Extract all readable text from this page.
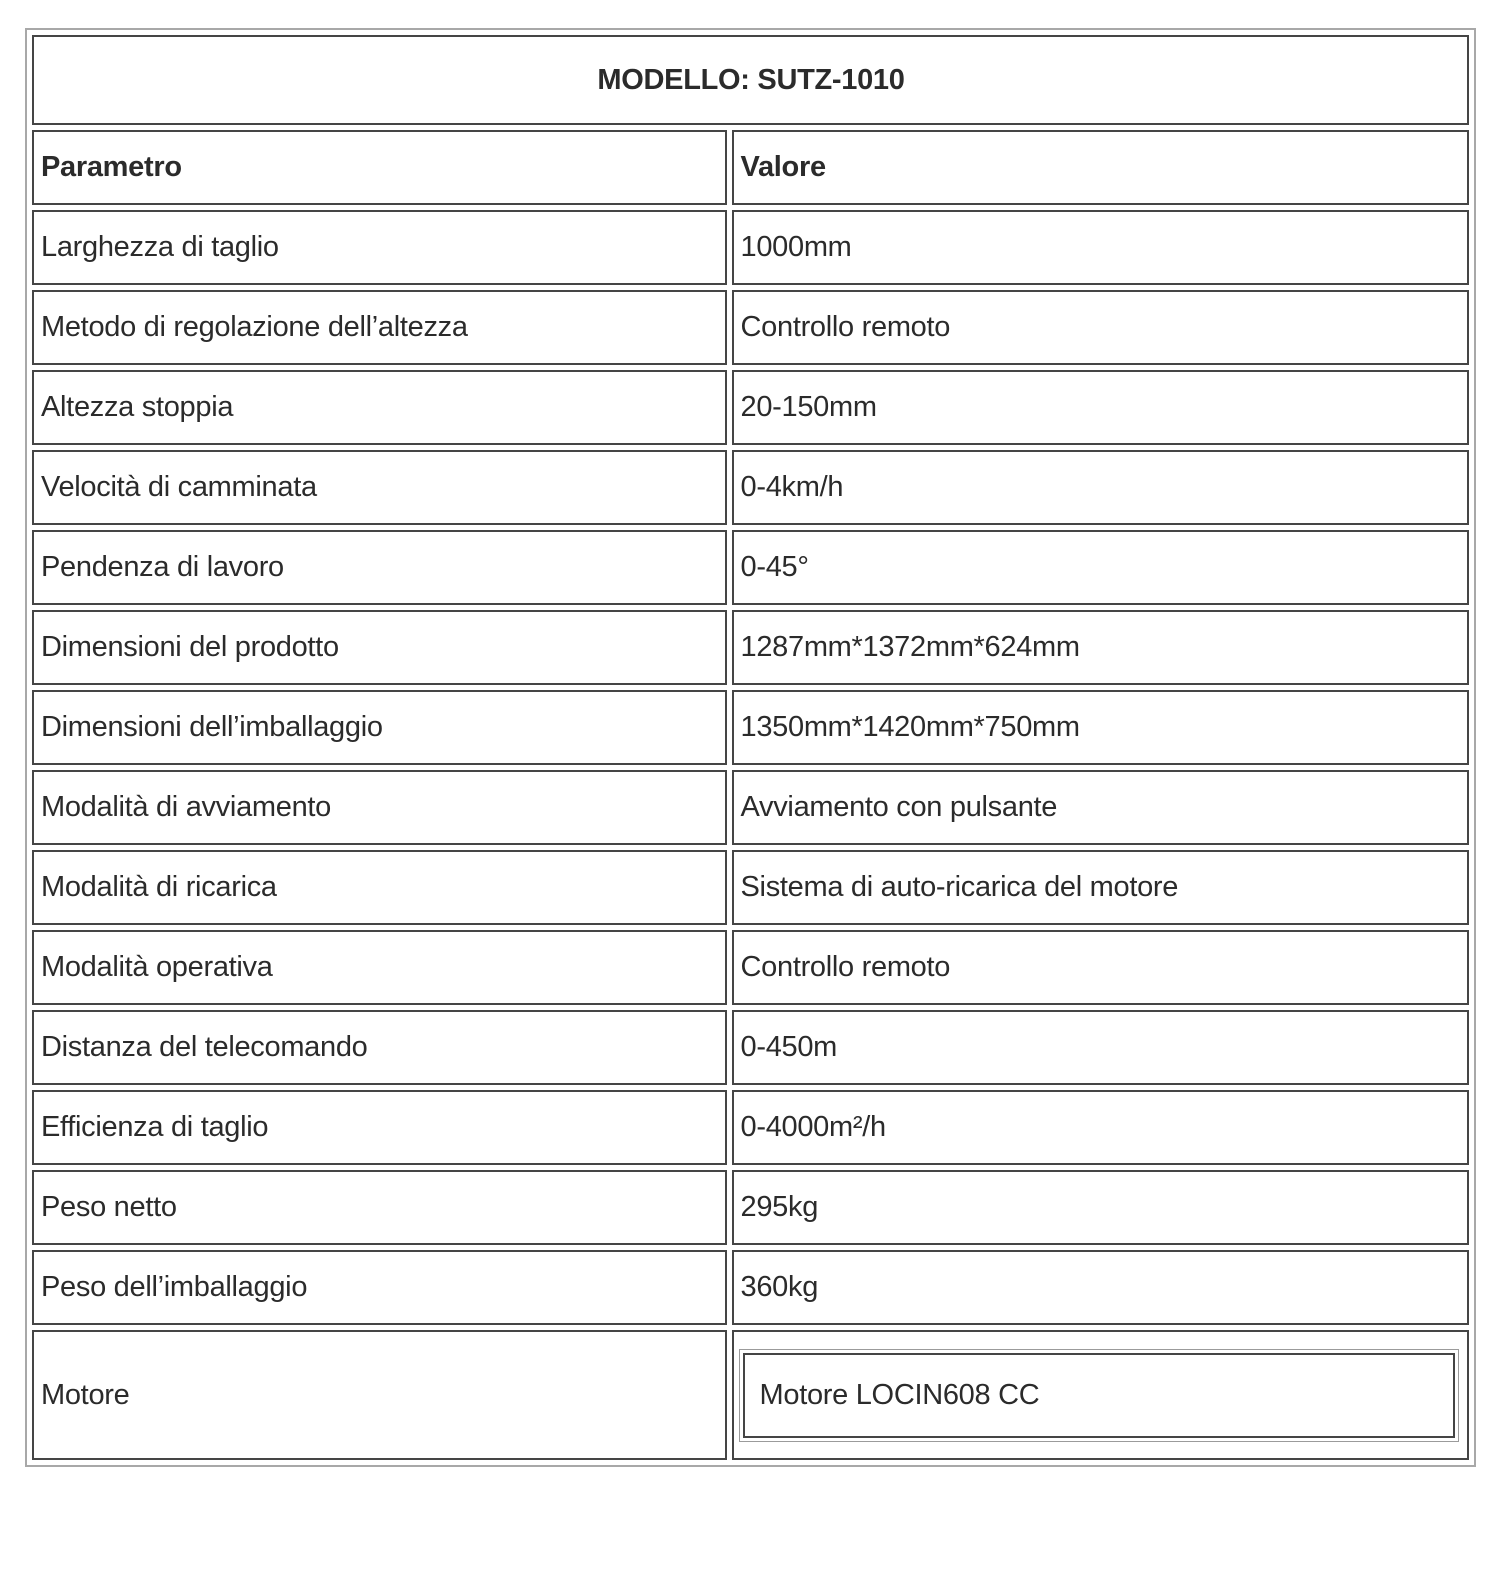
MODELLO: SUTZ-1010	
Parametro	Valore
Larghezza di taglio	1000mm
Metodo di regolazione dell’altezza	Controllo remoto
Altezza stoppia	20-150mm
Velocità di camminata	0-4km/h
Pendenza di lavoro	0-45°
Dimensioni del prodotto	1287mm*1372mm*624mm
Dimensioni dell’imballaggio	1350mm*1420mm*750mm
Modalità di avviamento	Avviamento con pulsante
Modalità di ricarica	Sistema di auto-ricarica del motore
Modalità operativa	Controllo remoto
Distanza del telecomando	0-450m
Efficienza di taglio	0-4000m²/h
Peso netto	295kg
Peso dell’imballaggio	360kg
Motore	Motore LOCIN608 CC
